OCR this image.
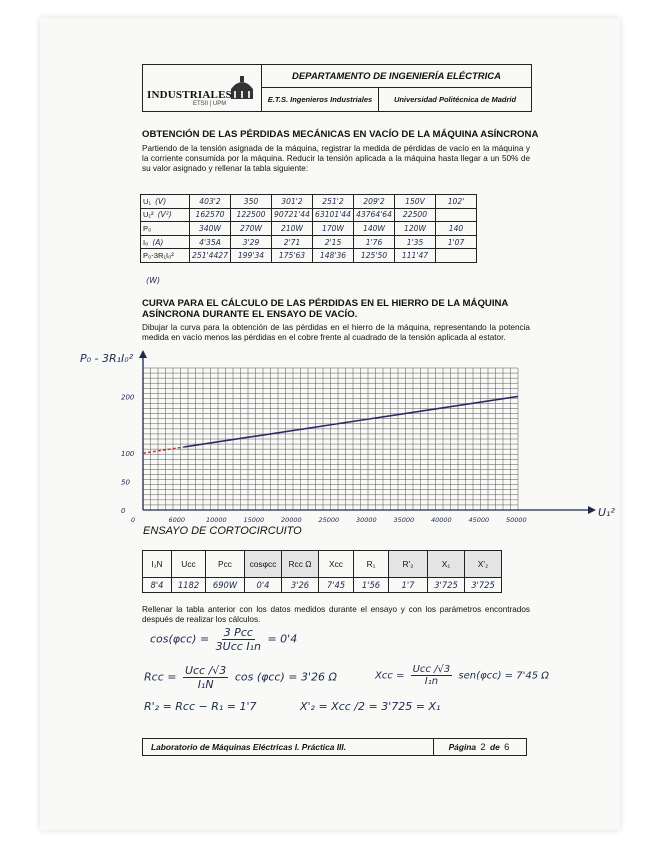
INDUSTRIALES
ETSII | UPM
DEPARTAMENTO DE INGENIERÍA ELÉCTRICA
E.T.S. Ingenieros Industriales	Universidad Politécnica de Madrid
OBTENCIÓN DE LAS PÉRDIDAS MECÁNICAS EN VACÍO DE LA MÁQUINA ASÍNCRONA
Partiendo de la tensión asignada de la máquina, registrar la medida de pérdidas de vacío en la máquina y la corriente consumida por la máquina. Reducir la tensión aplicada a la máquina hasta llegar a un 50% de su valor asignado y rellenar la tabla siguiente:
U₁ (V)	403'2	350	301'2	251'2	209'2	150V	102'
U₁² (V²)	162570	122500	90721'44	63101'44	43764'64	22500	
P₀	340W	270W	210W	170W	140W	120W	140
I₀ (A)	4'35A	3'29	2'71	2'15	1'76	1'35	1'07
P₀-3R₁I₀²	251'4427	199'34	175'63	148'36	125'50	111'47	
(W)
CURVA PARA EL CÁLCULO DE LAS PÉRDIDAS EN EL HIERRO DE LA MÁQUINA ASÍNCRONA DURANTE EL ENSAYO DE VACÍO.
Dibujar la curva para la obtención de las pérdidas en el hierro de la máquina, representando la potencia medida en vacío menos las pérdidas en el cobre frente al cuadrado de la tensión aplicada al estator.
P₀ - 3R₁I₀²
U₁²
0
50
100
200
0	6000	10000	15000	20000	25000	30000	35000	40000	45000	50000
ENSAYO DE CORTOCIRCUITO
I₁N	Ucc	Pcc	cosφcc	Rcc Ω	Xcc	R₁	R'₂	X₁	X'₂
8'4	1182	690W	0'4	3'26	7'45	1'56	1'7	3'725	3'725
Rellenar la tabla anterior con los datos medidos durante el ensayo y con los parámetros encontrados después de realizar los cálculos.
$\cos(\varphi cc) = \frac{\text{3 Pcc}}{\text{3Ucc I₁n}} = 0'4$
Rcc = $\frac{\text{Ucc /√3}}{\text{I₁N}}$ cos (φcc) = 3'26 Ω	Xcc = $\frac{\text{Ucc /√3}}{\text{I₁n}} sen(\varphi cc) = 7'45$ Ω
R'₂ = Rcc − R₁ = 1'7	X'₂ = Xcc /2 = 3'725 = X₁
Laboratorio de Máquinas Eléctricas I. Práctica III.	Página
2
de
6
